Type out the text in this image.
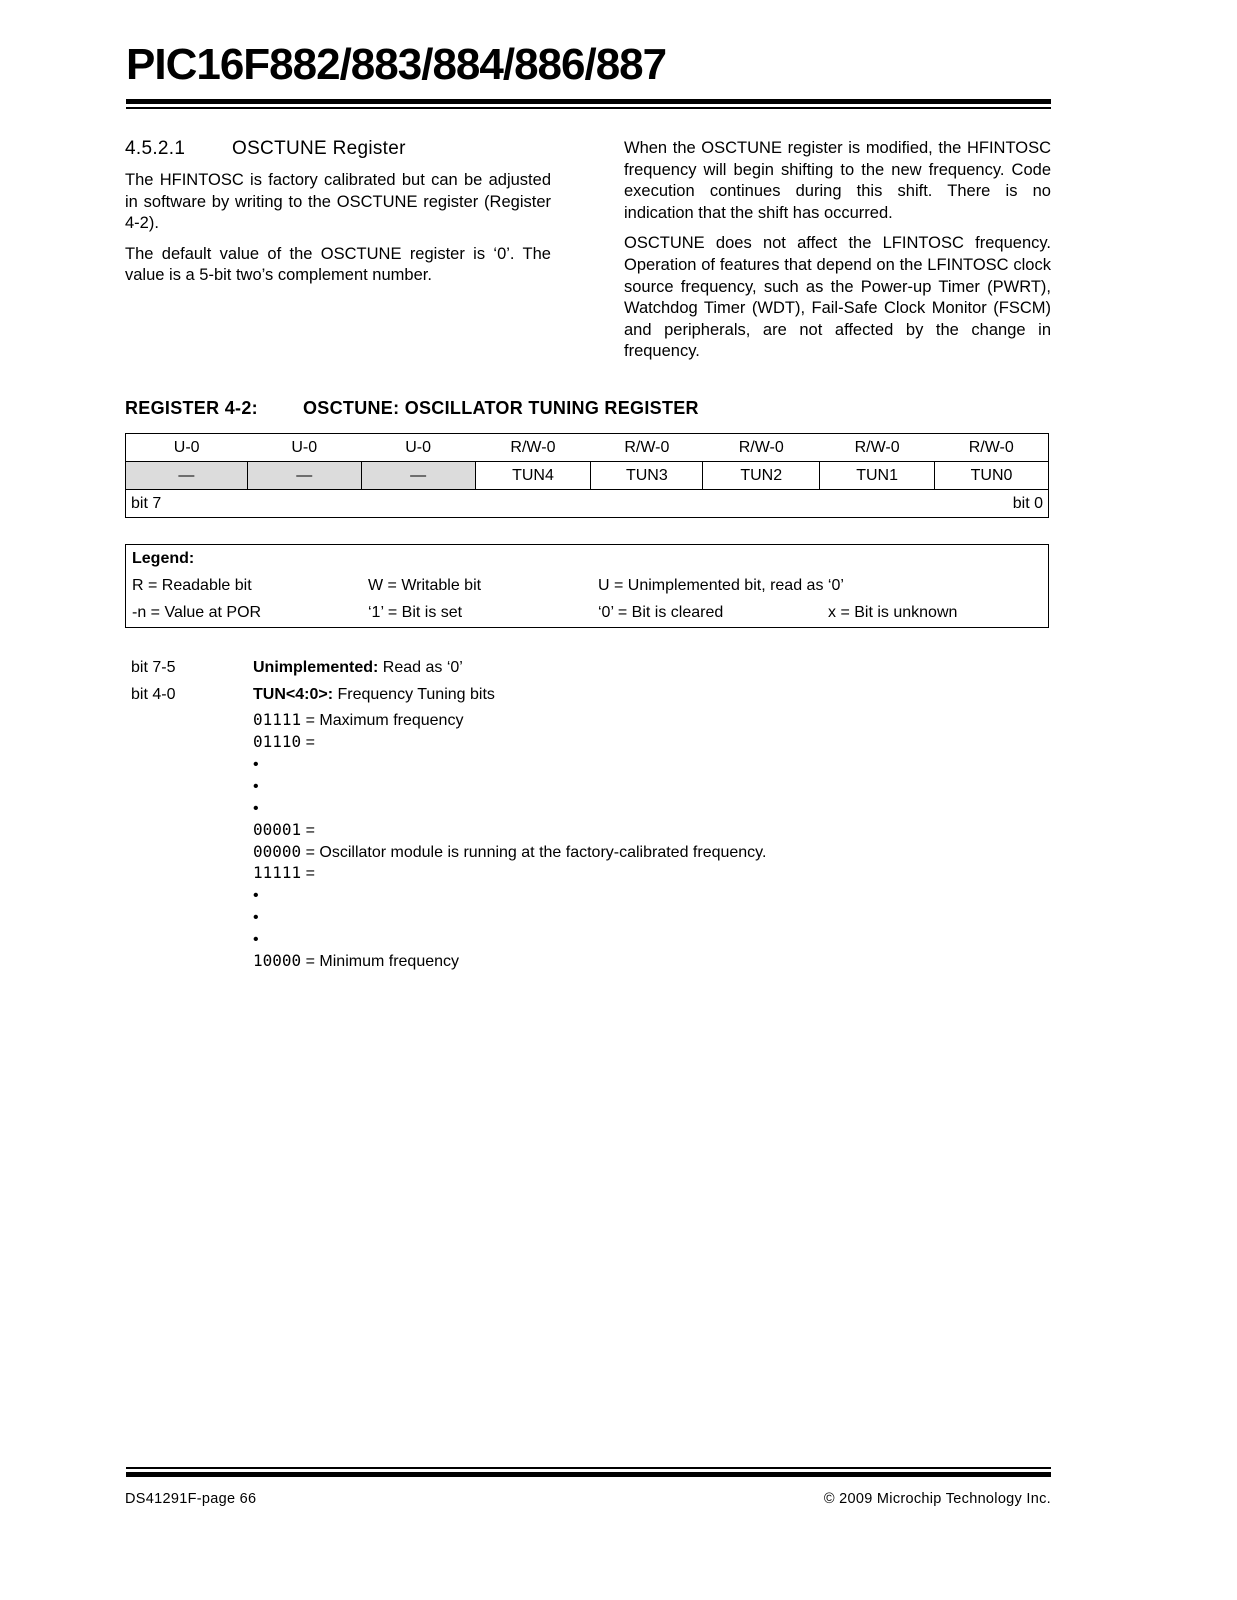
PIC16F882/883/884/886/887
4.5.2.1 OSCTUNE Register

The HFINTOSC is factory calibrated but can be adjusted in software by writing to the OSCTUNE register (Register 4-2).

The default value of the OSCTUNE register is ‘0’. The value is a 5-bit two’s complement number.

When the OSCTUNE register is modified, the HFINTOSC frequency will begin shifting to the new frequency. Code execution continues during this shift. There is no indication that the shift has occurred.

OSCTUNE does not affect the LFINTOSC frequency. Operation of features that depend on the LFINTOSC clock source frequency, such as the Power-up Timer (PWRT), Watchdog Timer (WDT), Fail-Safe Clock Monitor (FSCM) and peripherals, are not affected by the change in frequency.

REGISTER 4-2:	OSCTUNE: OSCILLATOR TUNING REGISTER
U-0	U-0	U-0	R/W-0	R/W-0	R/W-0	R/W-0	R/W-0
—	—	—	TUN4	TUN3	TUN2	TUN1	TUN0

bit 7 bit 0							
Legend:
R = Readable bit	W = Writable bit	U = Unimplemented bit, read as ‘0’
-n = Value at POR	‘1’ = Bit is set	‘0’ = Bit is cleared	x = Bit is unknown
bit 7-5	Unimplemented: Read as ‘0’
bit 4-0	TUN<4:0>: Frequency Tuning bits
01111 = Maximum frequency
01110 =
•
•
•
00001 =
00000 = Oscillator module is running at the factory-calibrated frequency.
11111 =
•
•
•
10000 = Minimum frequency
DS41291F-page 66	© 2009 Microchip Technology Inc.
